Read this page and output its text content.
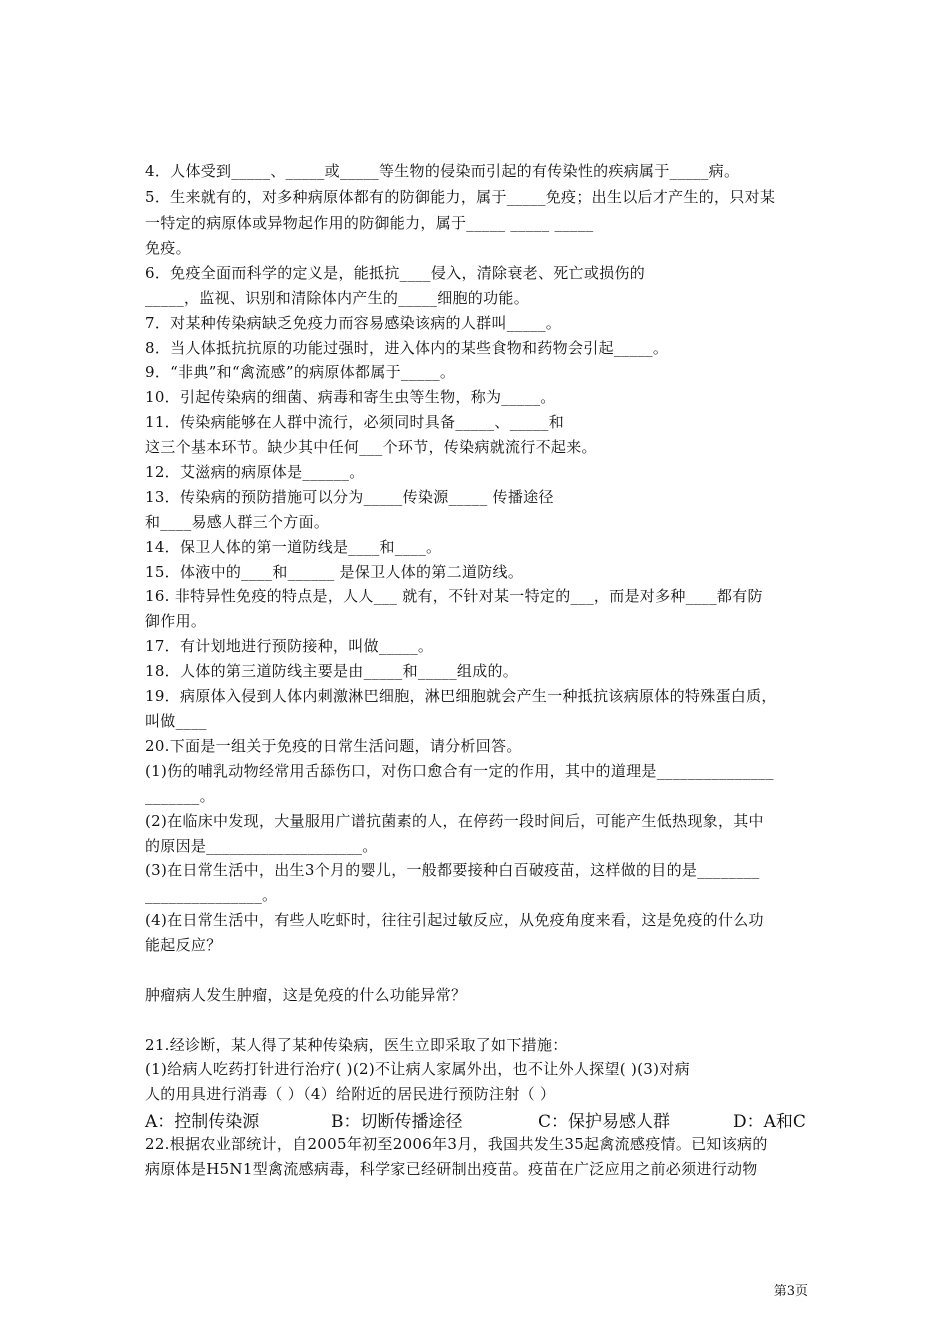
4．人体受到_____、_____或_____等生物的侵染而引起的有传染性的疾病属于_____病。
5．生来就有的，对多种病原体都有的防御能力，属于_____免疫；出生以后才产生的，只对某
一特定的病原体或异物起作用的防御能力，属于_____ _____ _____
免疫。
6．免疫全面而科学的定义是，能抵抗____侵入，清除衰老、死亡或损伤的
_____，监视、识别和清除体内产生的_____细胞的功能。
7．对某种传染病缺乏免疫力而容易感染该病的人群叫_____。
8．当人体抵抗抗原的功能过强时，进入体内的某些食物和药物会引起_____。
9．“非典”和“禽流感”的病原体都属于_____。
10．引起传染病的细菌、病毒和寄生虫等生物，称为_____。
11．传染病能够在人群中流行，必须同时具备_____、_____和
这三个基本环节。缺少其中任何___个环节，传染病就流行不起来。
12．艾滋病的病原体是______。
13．传染病的预防措施可以分为_____传染源_____ 传播途径
和____易感人群三个方面。
14．保卫人体的第一道防线是____和____。
15．体液中的____和______ 是保卫人体的第二道防线。
16. 非特异性免疫的特点是，人人___ 就有，不针对某一特定的___，而是对多种____都有防
御作用。
17．有计划地进行预防接种，叫做_____。
18．人体的第三道防线主要是由_____和_____组成的。
19．病原体入侵到人体内刺激淋巴细胞，淋巴细胞就会产生一种抵抗该病原体的特殊蛋白质，
叫做____
20.下面是一组关于免疫的日常生活问题，请分析回答。
(1)伤的哺乳动物经常用舌舔伤口，对伤口愈合有一定的作用，其中的道理是_______________
_______。
(2)在临床中发现，大量服用广谱抗菌素的人，在停药一段时间后，可能产生低热现象，其中
的原因是____________________。
(3)在日常生活中，出生3个月的婴儿，一般都要接种白百破疫苗，这样做的目的是________
_______________。
(4)在日常生活中，有些人吃虾时，往往引起过敏反应，从免疫角度来看，这是免疫的什么功
能起反应？
肿瘤病人发生肿瘤，这是免疫的什么功能异常？
21.经诊断，某人得了某种传染病，医生立即采取了如下措施：
(1)给病人吃药打针进行治疗( )(2)不让病人家属外出，也不让外人探望( )(3)对病
人的用具进行消毒（ ）（4）给附近的居民进行预防注射（ ）
A：控制传染源	B：切断传播途径	C：保护易感人群	D：A和C
22.根据农业部统计，自2005年初至2006年3月，我国共发生35起禽流感疫情。已知该病的
病原体是H5N1型禽流感病毒，科学家已经研制出疫苗。疫苗在广泛应用之前必须进行动物
第3页
